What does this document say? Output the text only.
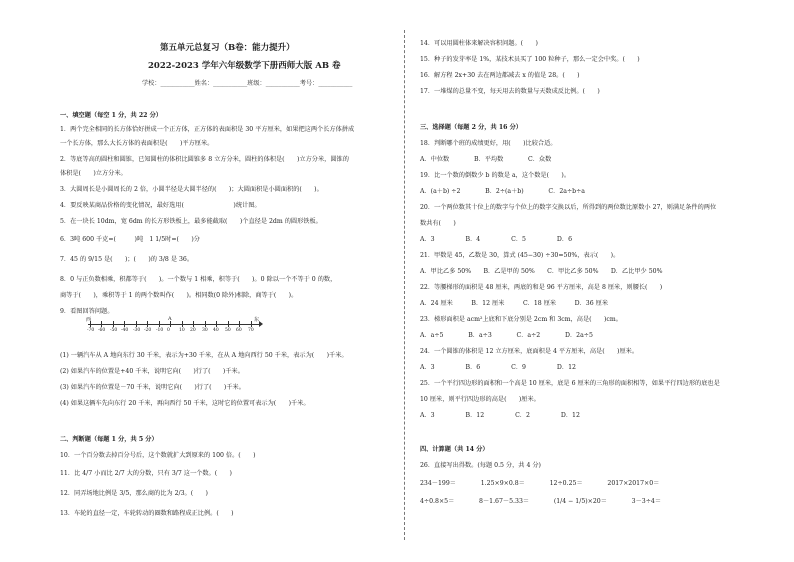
第五单元总复习（B卷：能力提升）
2022-2023 学年六年级数学下册西师大版 AB 卷
学校：___________姓名：___________班级：___________考号：___________
一、填空题（每空 1 分，共 22 分）
1．两个完全相同的长方体恰好拼成一个正方体，正方体的表面积是 30 平方厘米，如果把这两个长方体拼成
一个长方体，那么大长方体的表面积是(　　)平方厘米。
2．等底等高的圆柱和圆锥，已知圆柱的体积比圆锥多 8 立方分米，圆柱的体积是(　　)立方分米，圆锥的
体积是(　　)立方分米。
3．大圆周长是小圆周长的 2 倍，小圆半径是大圆半径的(　　)；大圆面积是小圆面积的(　　)。
4．要反映某商品价格的变化情况，最好选用(　　　　　　　　)统计图。
5．在一块长 10dm，宽 6dm 的长方形铁板上，最多能截取(　　)个直径是 2dm 的圆形铁板。
6．3吨 600 千克=(　　　)吨　1 1/5时=(　　)分
7．45 的 9/15 是(　　)；(　　)的 3/8 是 36。
8．0 与正负数相乘，积都等于(　　)。一个数与 1 相乘，积等于(　　)。0 除以一个不等于 0 的数，
商等于(　　)，乘积等于 1 的两个数叫作(　　)。相同数(0 除外)相除，商等于(　　)。
9．看图回答问题。
西	A	东
-70 -60 -50 -40 -30 -20 -10 0 10 20 30 40 50 60 70
(1) 一辆汽车从 A 地向东行 30 千米，表示为+30 千米，在从 A 地向西行 50 千米，表示为(　　)千米。
(2) 如果汽车的位置是+40 千米，说明它向(　　)行了(　　)千米。
(3) 如果汽车的位置是－70 千米，说明它向(　　)行了(　　)千米。
(4) 如果这辆车先向东行 20 千米，再向西行 50 千米，这时它的位置可表示为(　　)千米。
二、判断题（每题 1 分，共 5 分）
10．一个百分数去掉百分号后，这个数就扩大到原来的 100 倍。(　　)
11．比 4/7 小而比 2/7 大的分数，只有 3/7 这一个数。(　　)
12．同弄场地比例是 3/5，那么商的比为 2/3。(　　)
13．车轮的直径一定，车轮转动的圈数和路程成正比例。(　　)
14．可以用圆柱体来解决容积问题。(　　)
15．种子的发芽率是 1%，某技术员买了 100 粒种子，那么一定会中奖。(　　)
16．解方程 2x+30 去在两边都减去 x 的值是 28。(　　)
17．一堆煤的总量不变，每天用去的数量与天数成反比例。(　　)
三、选择题（每题 2 分，共 16 分）
18．判断哪个班的成绩更好，用(　　)比较合适。
A．中位数　　　　B．平均数　　　　C．众数
19．比一个数的倒数少 b 的数是 a，这个数是(　　)。
A．(a＋b) ÷2　　　　B．2÷(a＋b)　　　　C．2a÷b÷a
20．一个两位数其十位上的数字与个位上的数字交换以后，所得到的两位数比原数小 27，则满足条件的两位
数共有(　　)
A．3　　　　　B．4　　　　　C．5　　　　　D．6
21．甲数是 45，乙数是 30，算式 (45−30) ÷30=50%，表示(　　)。
A．甲比乙多 50%　　B．乙是甲的 50%　　C．甲比乙多 50%　　D．乙比甲少 50%
22．等腰梯形的面积是 48 厘米，两底的和是 96 平方厘米，高是 8 厘米，则腰长(　　)
A．24 厘米　　　B．12 厘米　　　C．18 厘米　　　D．36 厘米
23．梯形面积是 acm²上底和下底分别是 2cm 和 3cm，高是(　　)cm。
A．a÷5　　　　B．a÷3　　　　C．a÷2　　　　D．2a÷5
24．一个圆锥的体积是 12 立方厘米，底面积是 4 平方厘米，高是(　　)厘米。
A．3　　　　　B．6　　　　　C．9　　　　　D．12
25．一个平行四边形的面积和一个高是 10 厘米，底是 6 厘米的三角形的面积相等，如果平行四边形的底也是
10 厘米，则平行四边形的高是(　　)厘米。
A．3　　　　　B．12　　　　　C．2　　　　　D．12
四、计算题（共 14 分）
26．直接写出得数。(每题 0.5 分，共 4 分)
234－199＝　　　　1.25×9×0.8＝　　　　12÷0.25＝　　　　2017×2017×0＝
4÷0.8×5＝　　　　8－1.67－5.33＝　　　　(1/4 − 1/5)×20＝　　　　3－3÷4＝
